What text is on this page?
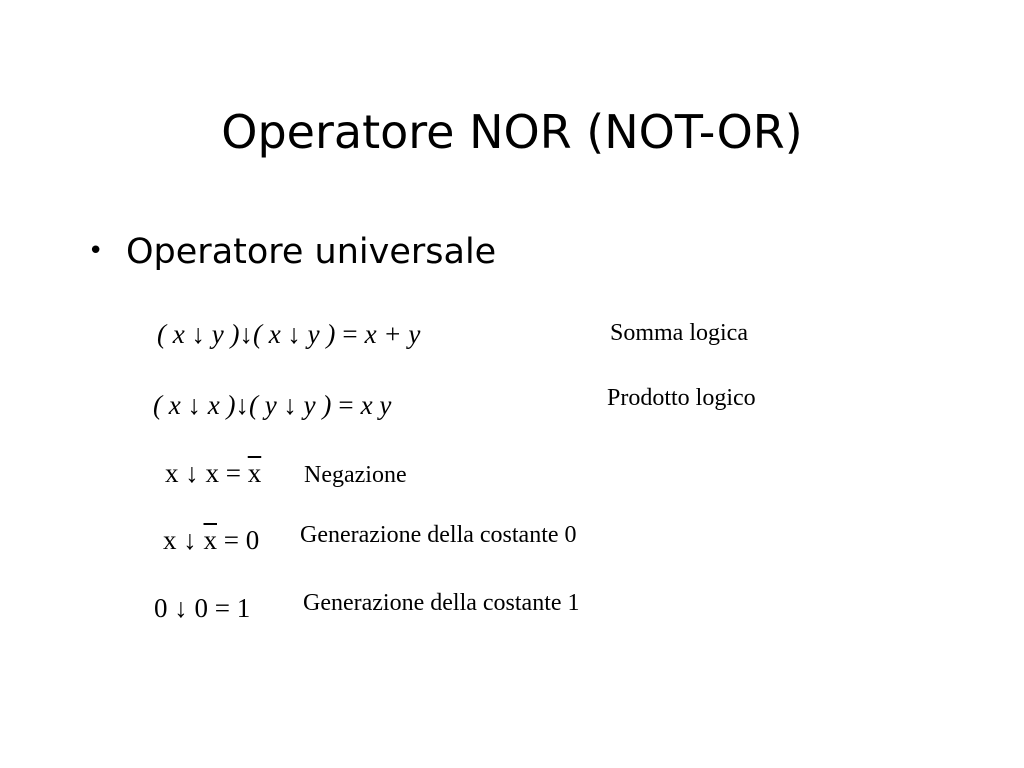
Operatore NOR (NOT-OR)
• Operatore universale
( x ↓ y )↓( x ↓ y ) = x + y	Somma logica
( x ↓ x )↓( y ↓ y ) = x y	Prodotto logico
x ↓ $x = \overline{x}$ Negazione
x ↓ $\overline{x} = 0$ Generazione della costante 0
0 ↓ 0 = 1 Generazione della costante 1
